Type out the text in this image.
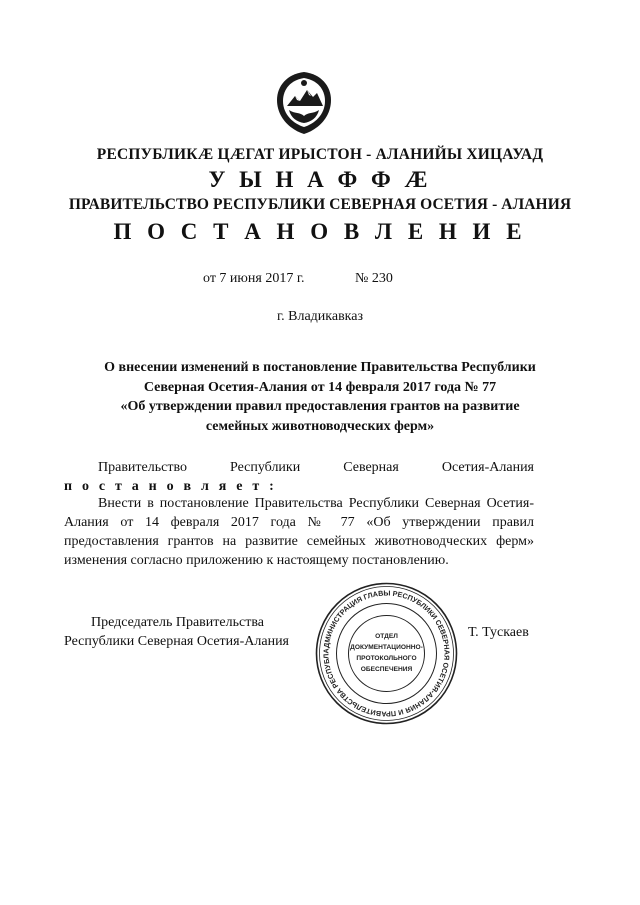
РЕСПУБЛИКӔ ЦӔГАТ ИРЫСТОН - АЛАНИЙЫ ХИЦАУАД
У Ы Н А Ф Ф Ӕ
ПРАВИТЕЛЬСТВО РЕСПУБЛИКИ СЕВЕРНАЯ ОСЕТИЯ - АЛАНИЯ
П О С Т А Н О В Л Е Н И Е
от 7 июня 2017 г.	№ 230
г. Владикавказ
О внесении изменений в постановление Правительства Республики
Северная Осетия-Алания от 14 февраля 2017 года № 77
«Об утверждении правил предоставления грантов на развитие
семейных животноводческих ферм»
Правительство	Республики	Северная	Осетия-Алания
п о с т а н о в л я е т :
Внести в постановление Правительства Республики Северная Осетия-Алания от 14 февраля 2017 года № 77 «Об утверждении правил предоставления грантов на развитие семейных животноводческих ферм» изменения согласно приложению к настоящему постановлению.
Председатель Правительства
Республики Северная Осетия-Алания
Т. Тускаев
АДМИНИСТРАЦИЯ ГЛАВЫ РЕСПУБЛИКИ СЕВЕРНАЯ ОСЕТИЯ-АЛАНИЯ И ПРАВИТЕЛЬСТВА РЕСПУБЛ
ОТДЕЛ
ДОКУМЕНТАЦИОННО-
ПРОТОКОЛЬНОГО
ОБЕСПЕЧЕНИЯ
